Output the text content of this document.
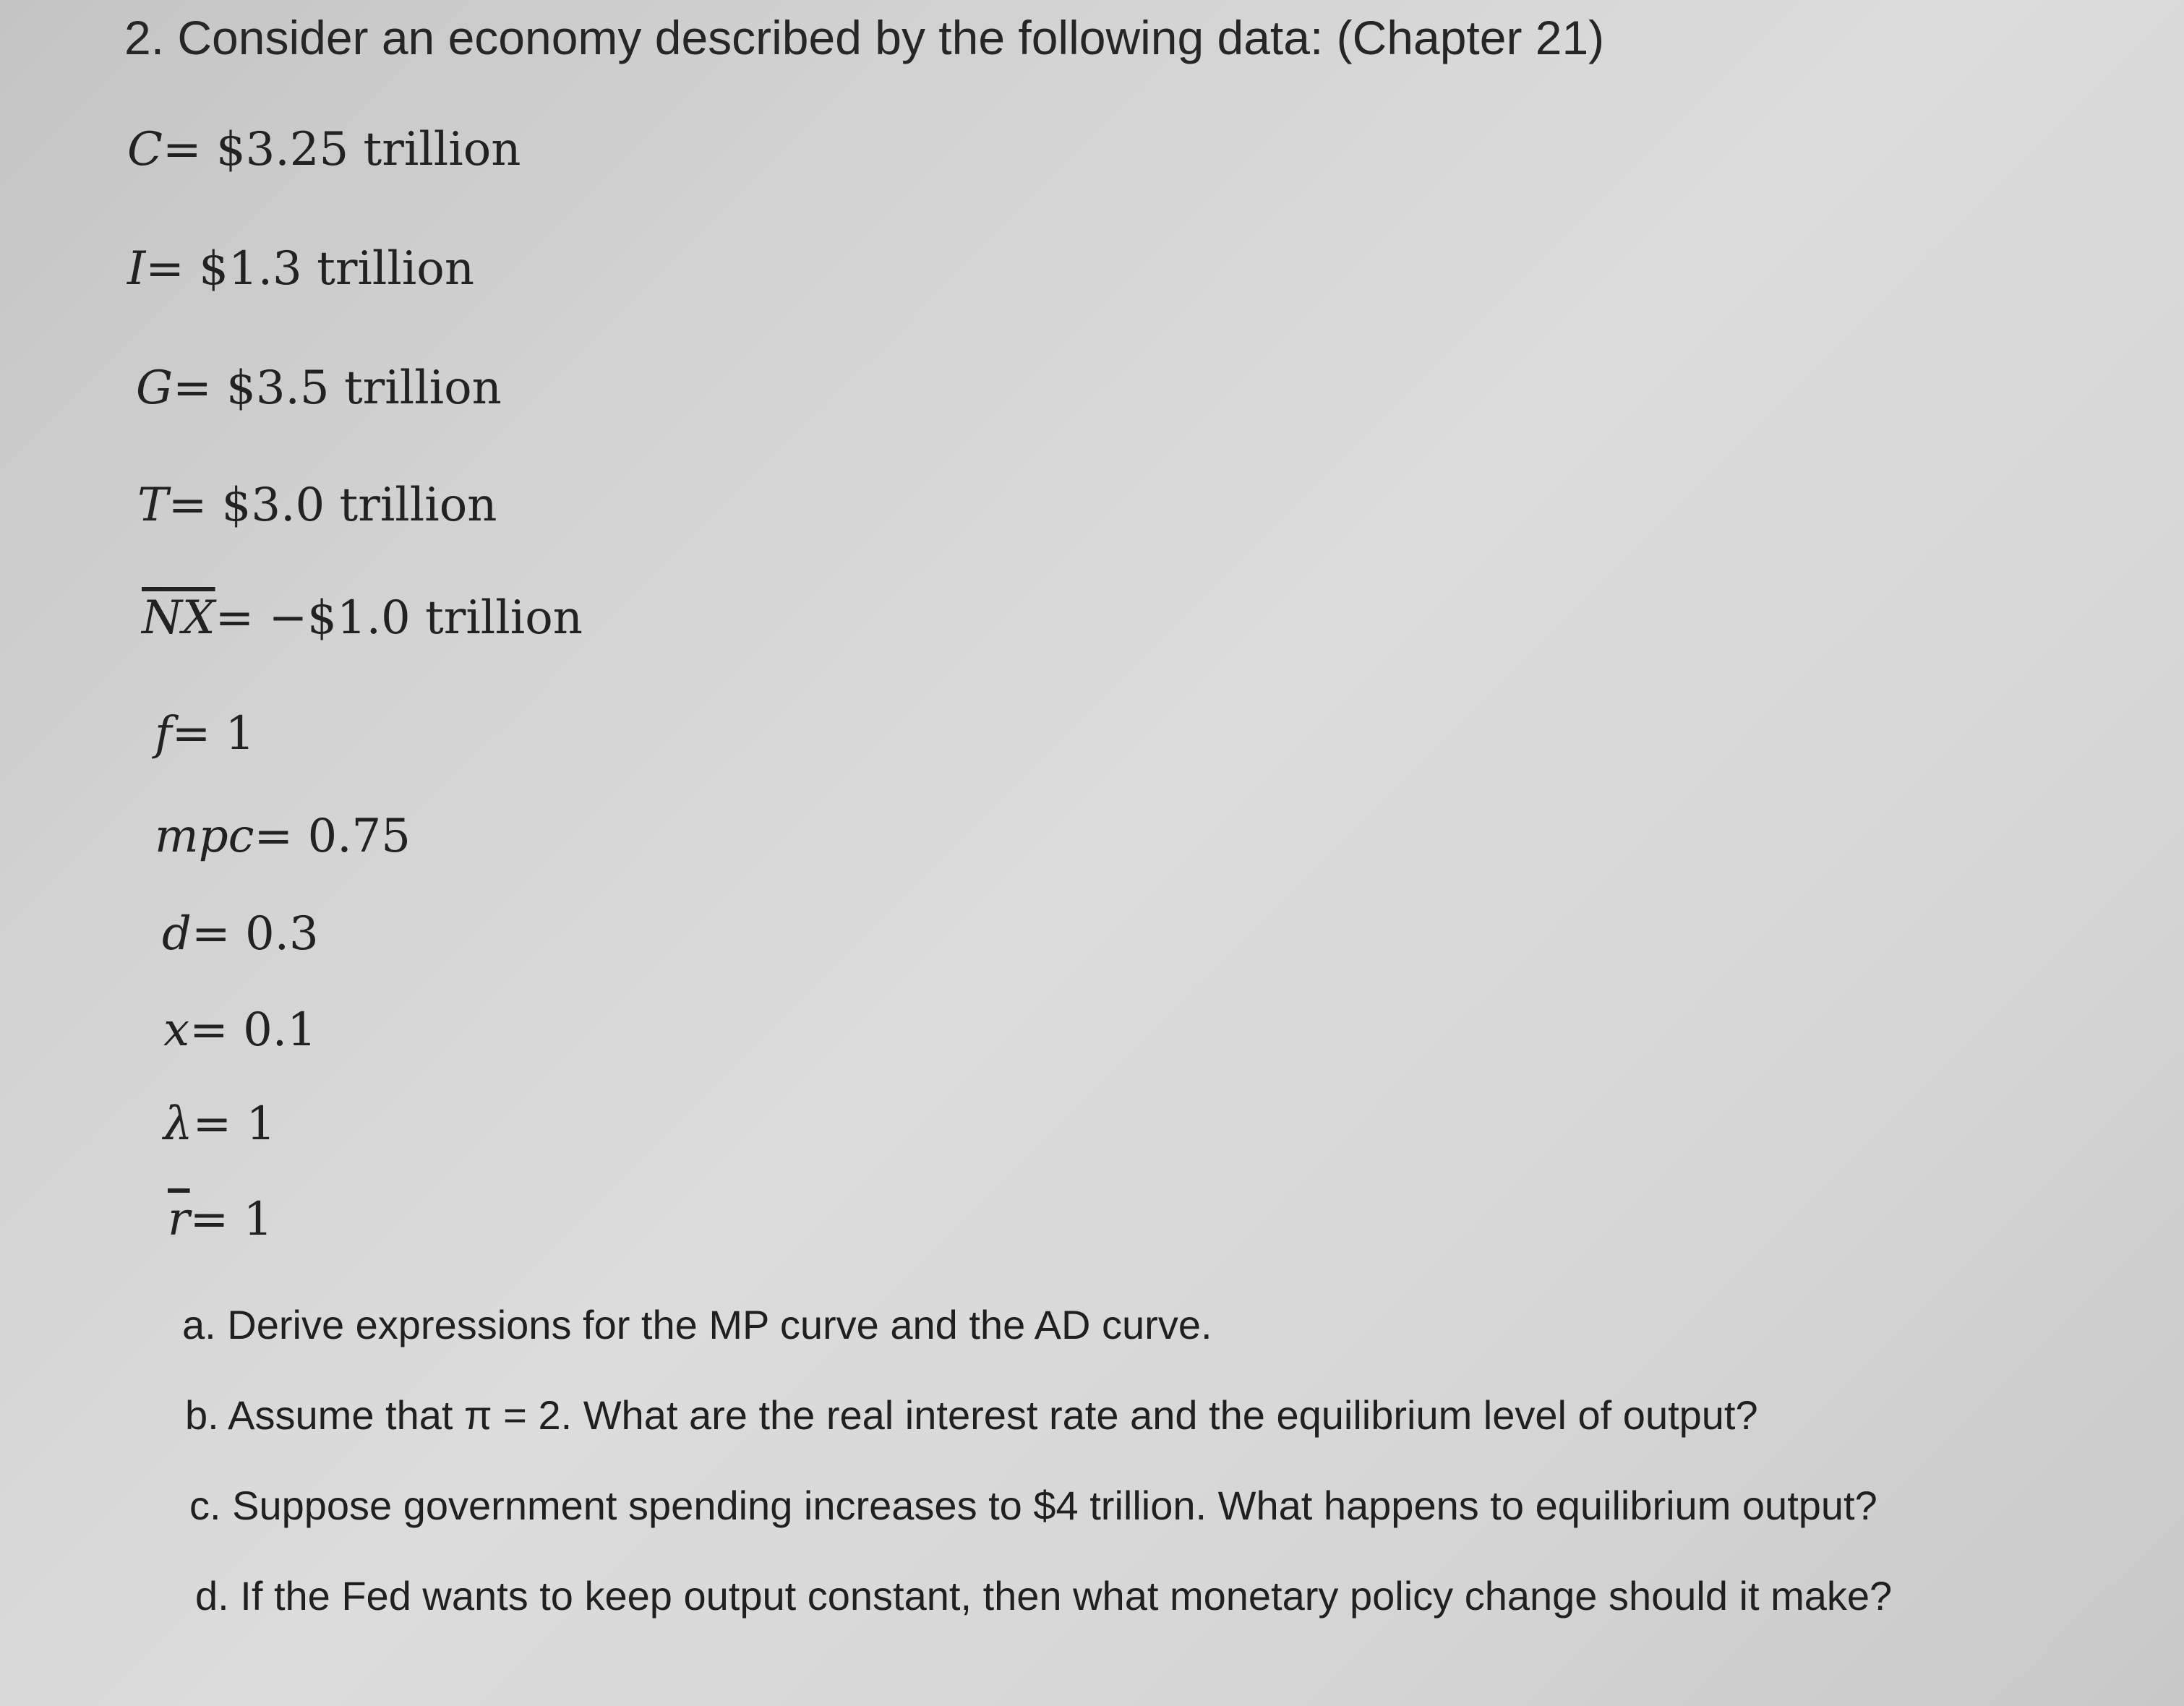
2. Consider an economy described by the following data: (Chapter 21)
C= $3.25 trillion
I= $1.3 trillion
G= $3.5 trillion
T= $3.0 trillion
$\overline{NX}=$ −$1.0 trillion
f= 1
mpc= 0.75
d= 0.3
x= 0.1
λ= 1
$\overline{r}= 1$
a. Derive expressions for the MP curve and the AD curve.
b. Assume that π = 2. What are the real interest rate and the equilibrium level of output?
c. Suppose government spending increases to $4 trillion. What happens to equilibrium output?
d. If the Fed wants to keep output constant, then what monetary policy change should it make?
